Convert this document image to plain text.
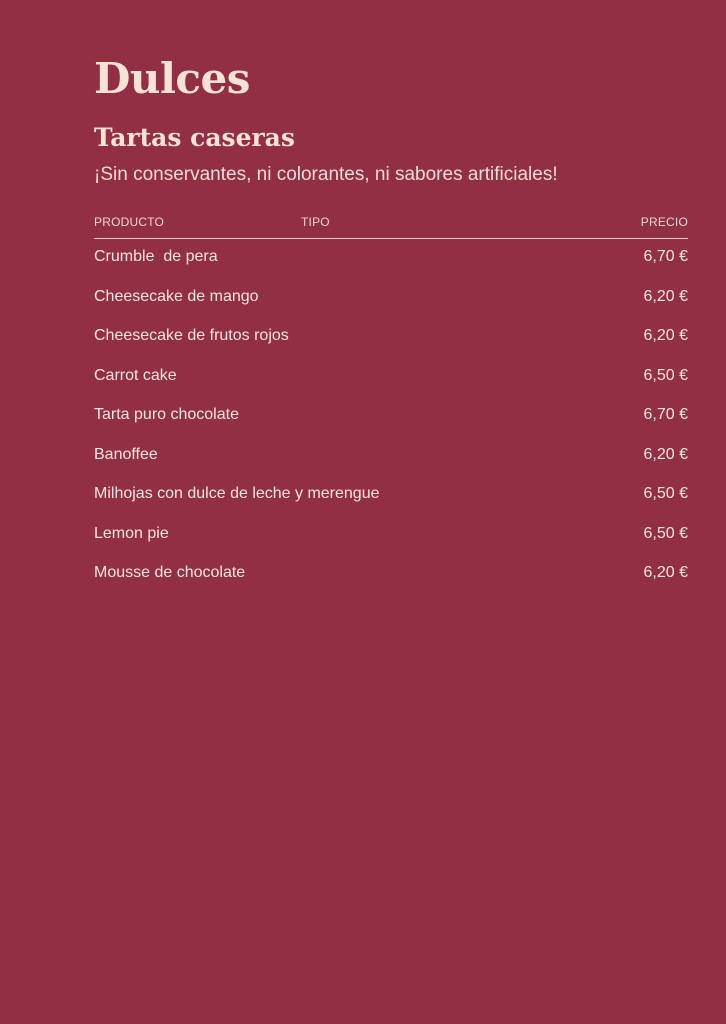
Dulces
Tartas caseras
¡Sin conservantes, ni colorantes, ni sabores artificiales!
PRODUCTO	TIPO	PRECIO
Crumble  de pera	6,70 €
Cheesecake de mango	6,20 €
Cheesecake de frutos rojos	6,20 €
Carrot cake	6,50 €
Tarta puro chocolate	6,70 €
Banoffee	6,20 €
Milhojas con dulce de leche y merengue	6,50 €
Lemon pie	6,50 €
Mousse de chocolate	6,20 €
